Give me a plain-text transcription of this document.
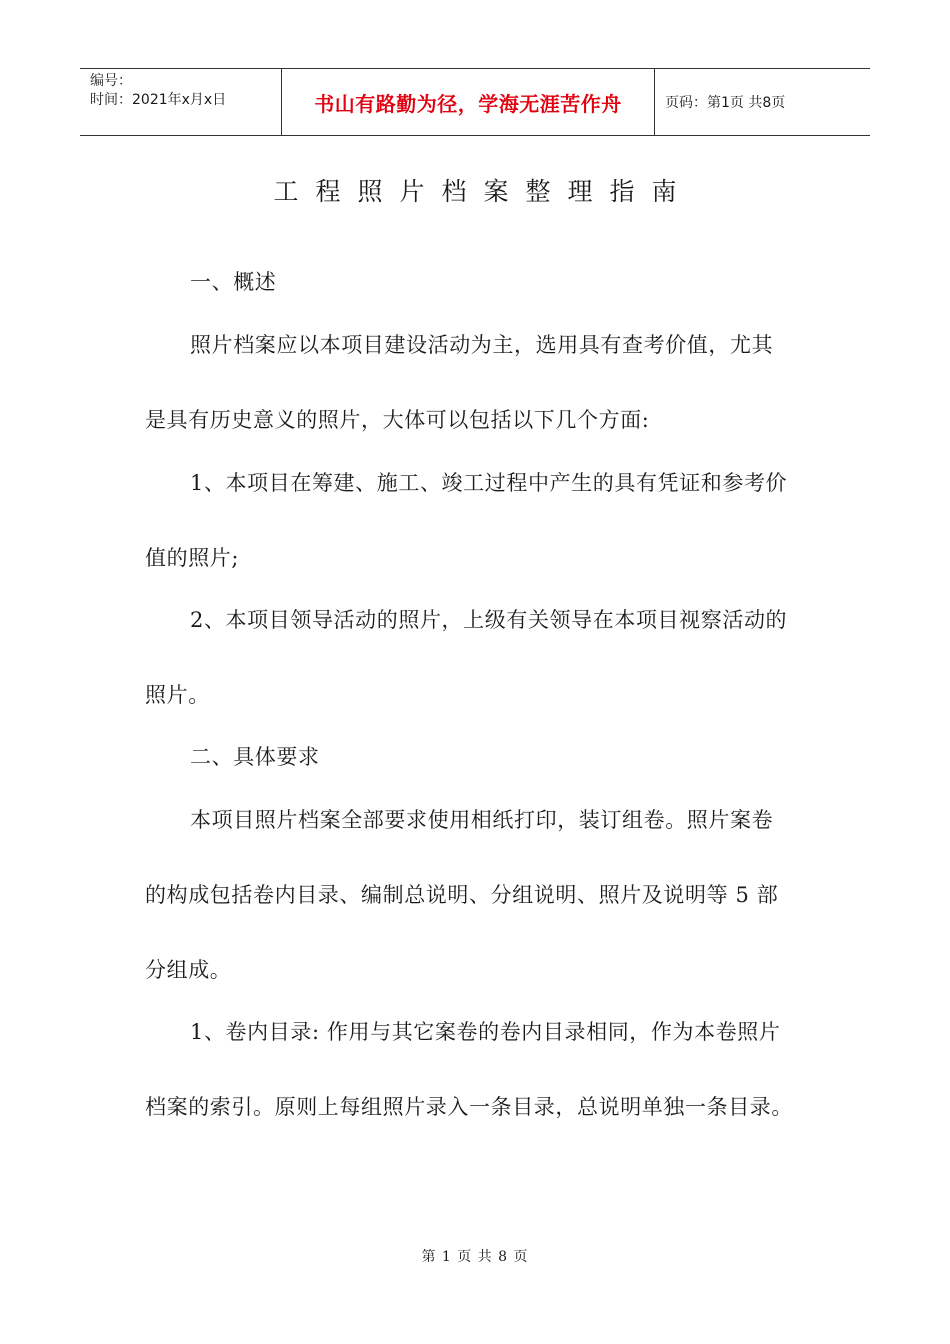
编号：
时间：2021年x月x日	书山有路勤为径，学海无涯苦作舟	页码：第1页 共8页
工程照片档案整理指南
一、概述
照片档案应以本项目建设活动为主，选用具有查考价值，尤其
是具有历史意义的照片，大体可以包括以下几个方面:
1、本项目在筹建、施工、竣工过程中产生的具有凭证和参考价
值的照片;
2、本项目领导活动的照片，上级有关领导在本项目视察活动的
照片。
二、具体要求
本项目照片档案全部要求使用相纸打印，装订组卷。照片案卷
的构成包括卷内目录、编制总说明、分组说明、照片及说明等 5 部
分组成。
1、卷内目录: 作用与其它案卷的卷内目录相同，作为本卷照片
档案的索引。原则上每组照片录入一条目录，总说明单独一条目录。
第 1 页 共 8 页
